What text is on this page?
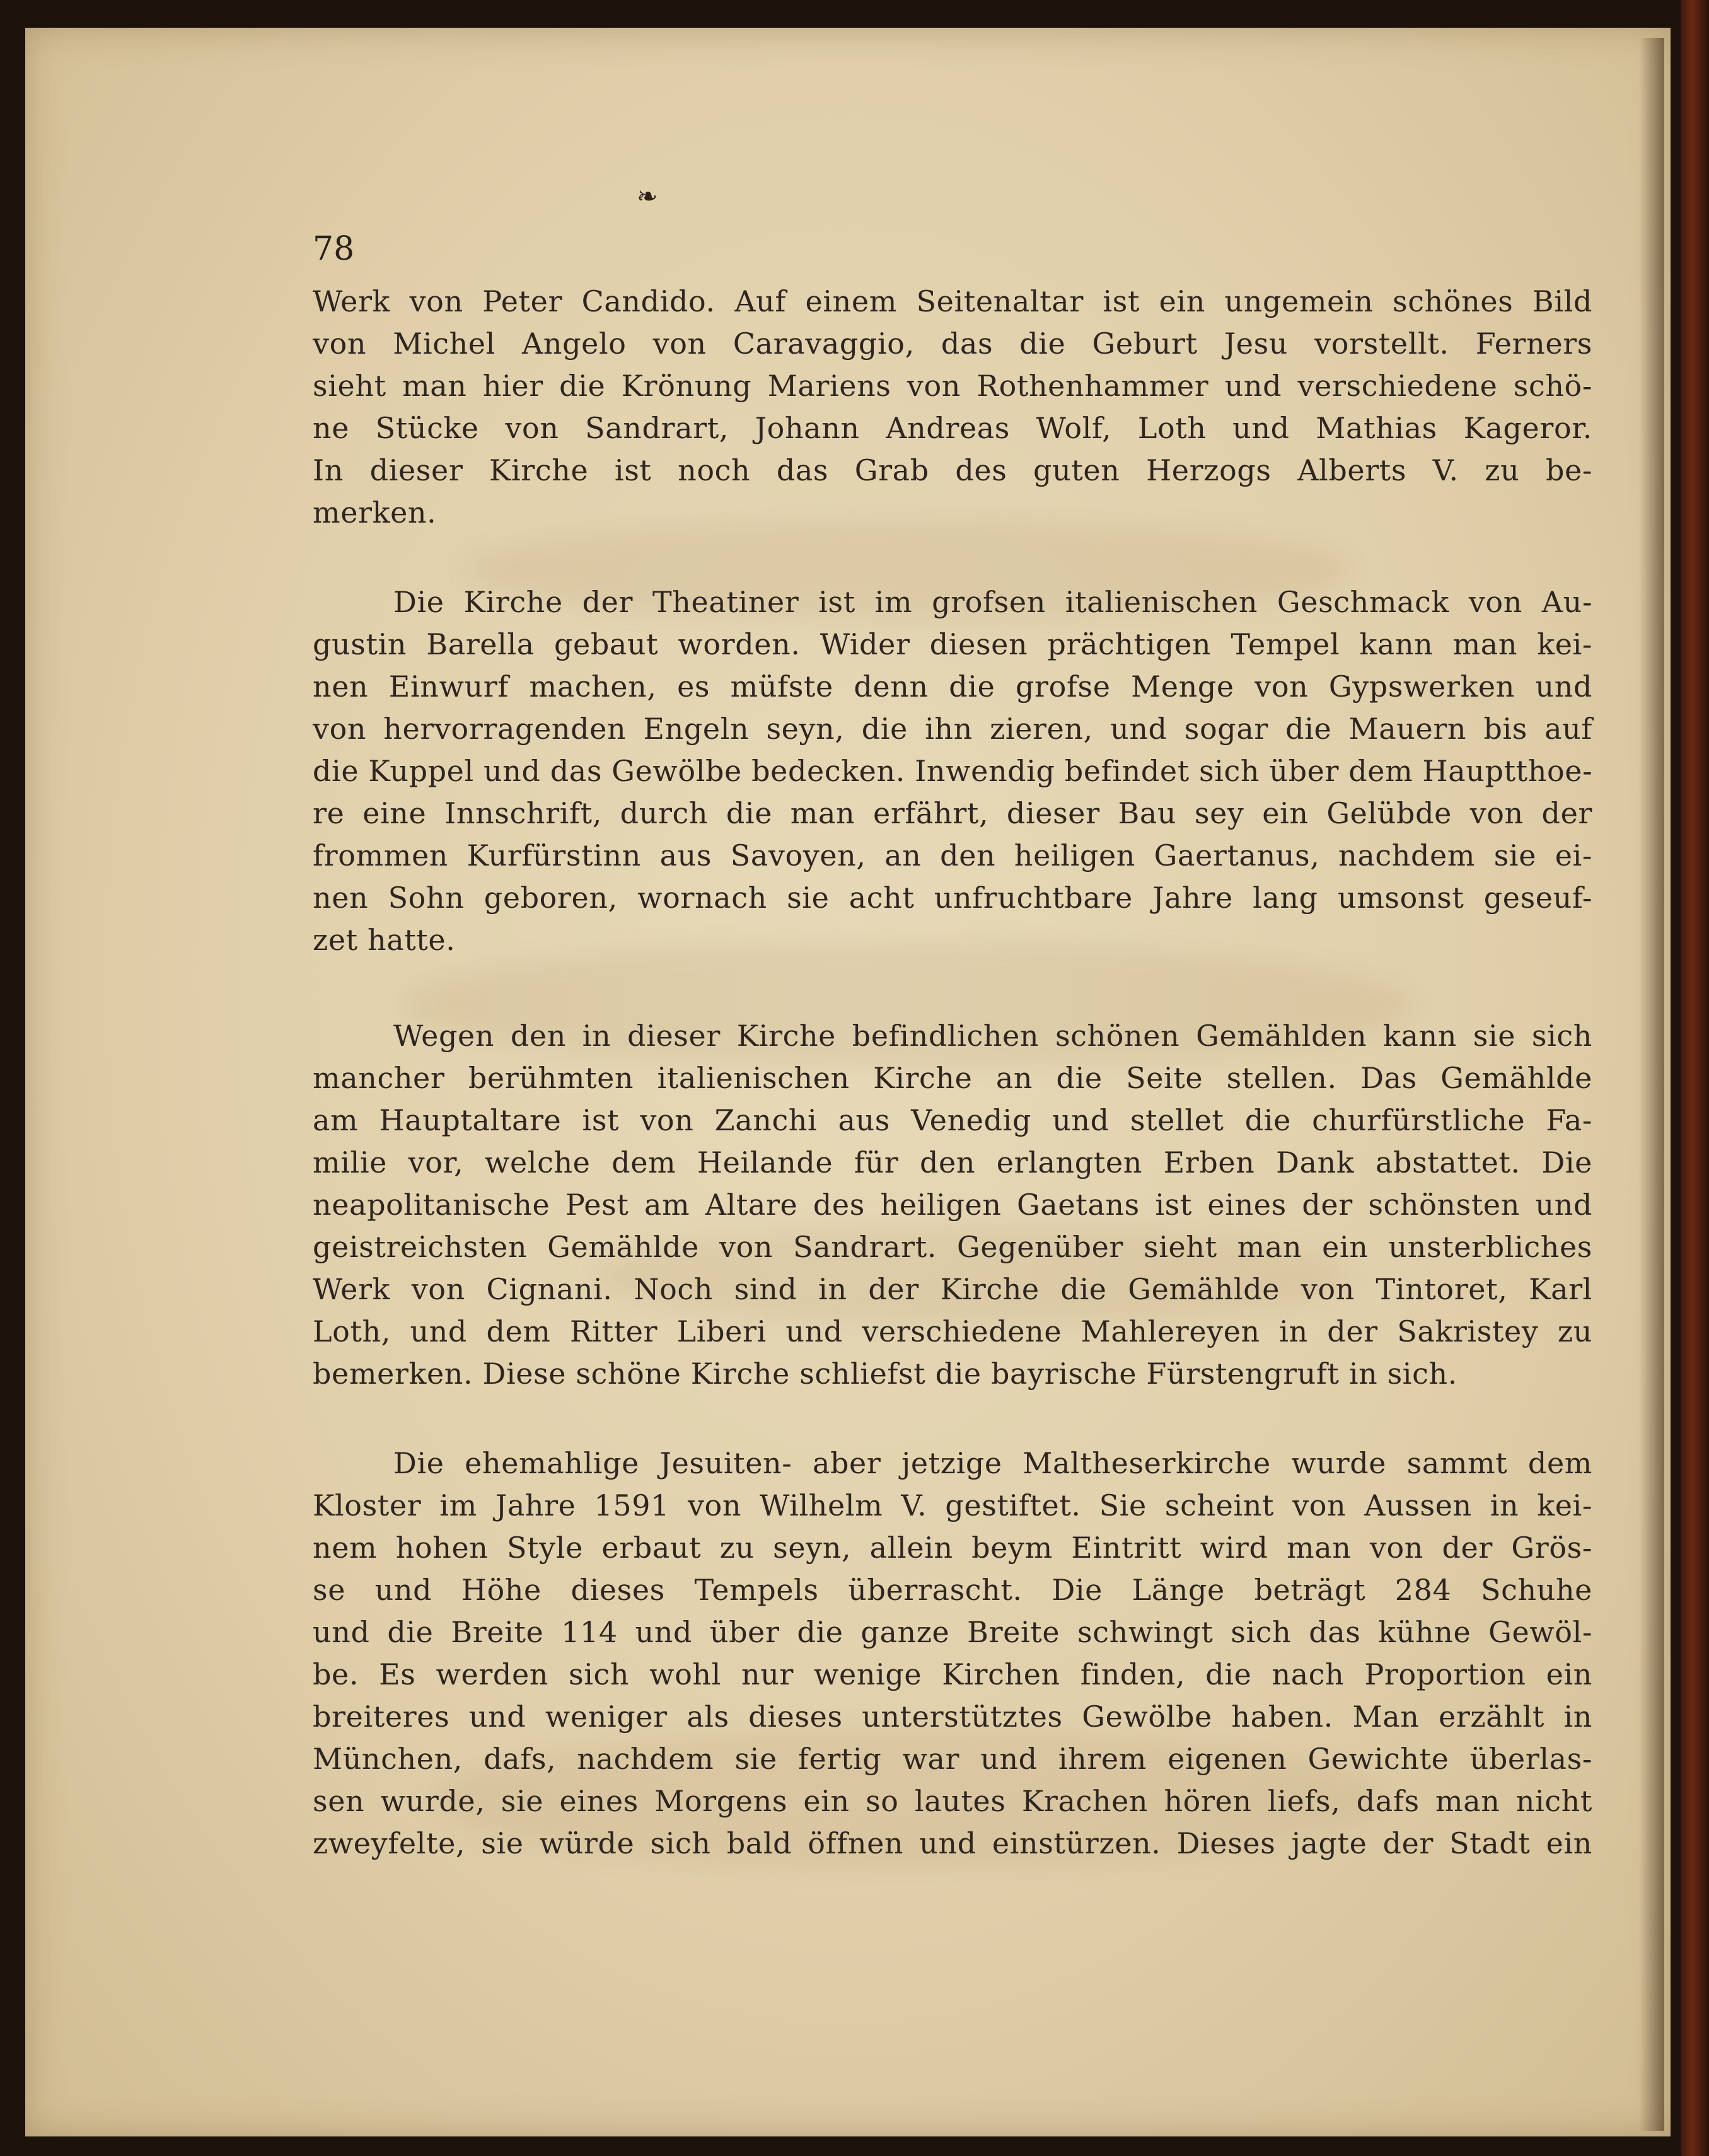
❧
78
Werk von Peter Candido. Auf einem Seitenaltar ist ein ungemein schönes Bild
von Michel Angelo von Caravaggio, das die Geburt Jesu vorstellt. Ferners
sieht man hier die Krönung Mariens von Rothenhammer und verschiedene schö-
ne Stücke von Sandrart, Johann Andreas Wolf, Loth und Mathias Kageror.
In dieser Kirche ist noch das Grab des guten Herzogs Alberts V. zu be-
merken.
Die Kirche der Theatiner ist im grofsen italienischen Geschmack von Au-
gustin Barella gebaut worden. Wider diesen prächtigen Tempel kann man kei-
nen Einwurf machen, es müfste denn die grofse Menge von Gypswerken und
von hervorragenden Engeln seyn, die ihn zieren, und sogar die Mauern bis auf
die Kuppel und das Gewölbe bedecken. Inwendig befindet sich über dem Hauptthoe-
re eine Innschrift, durch die man erfährt, dieser Bau sey ein Gelübde von der
frommen Kurfürstinn aus Savoyen, an den heiligen Gaertanus, nachdem sie ei-
nen Sohn geboren, wornach sie acht unfruchtbare Jahre lang umsonst geseuf-
zet hatte.
Wegen den in dieser Kirche befindlichen schönen Gemählden kann sie sich
mancher berühmten italienischen Kirche an die Seite stellen. Das Gemählde
am Hauptaltare ist von Zanchi aus Venedig und stellet die churfürstliche Fa-
milie vor, welche dem Heilande für den erlangten Erben Dank abstattet. Die
neapolitanische Pest am Altare des heiligen Gaetans ist eines der schönsten und
geistreichsten Gemählde von Sandrart. Gegenüber sieht man ein unsterbliches
Werk von Cignani. Noch sind in der Kirche die Gemählde von Tintoret, Karl
Loth, und dem Ritter Liberi und verschiedene Mahlereyen in der Sakristey zu
bemerken. Diese schöne Kirche schliefst die bayrische Fürstengruft in sich.
Die ehemahlige Jesuiten- aber jetzige Maltheserkirche wurde sammt dem
Kloster im Jahre 1591 von Wilhelm V. gestiftet. Sie scheint von Aussen in kei-
nem hohen Style erbaut zu seyn, allein beym Eintritt wird man von der Grös-
se und Höhe dieses Tempels überrascht. Die Länge beträgt 284 Schuhe
und die Breite 114 und über die ganze Breite schwingt sich das kühne Gewöl-
be. Es werden sich wohl nur wenige Kirchen finden, die nach Proportion ein
breiteres und weniger als dieses unterstütztes Gewölbe haben. Man erzählt in
München, dafs, nachdem sie fertig war und ihrem eigenen Gewichte überlas-
sen wurde, sie eines Morgens ein so lautes Krachen hören liefs, dafs man nicht
zweyfelte, sie würde sich bald öffnen und einstürzen. Dieses jagte der Stadt ein
